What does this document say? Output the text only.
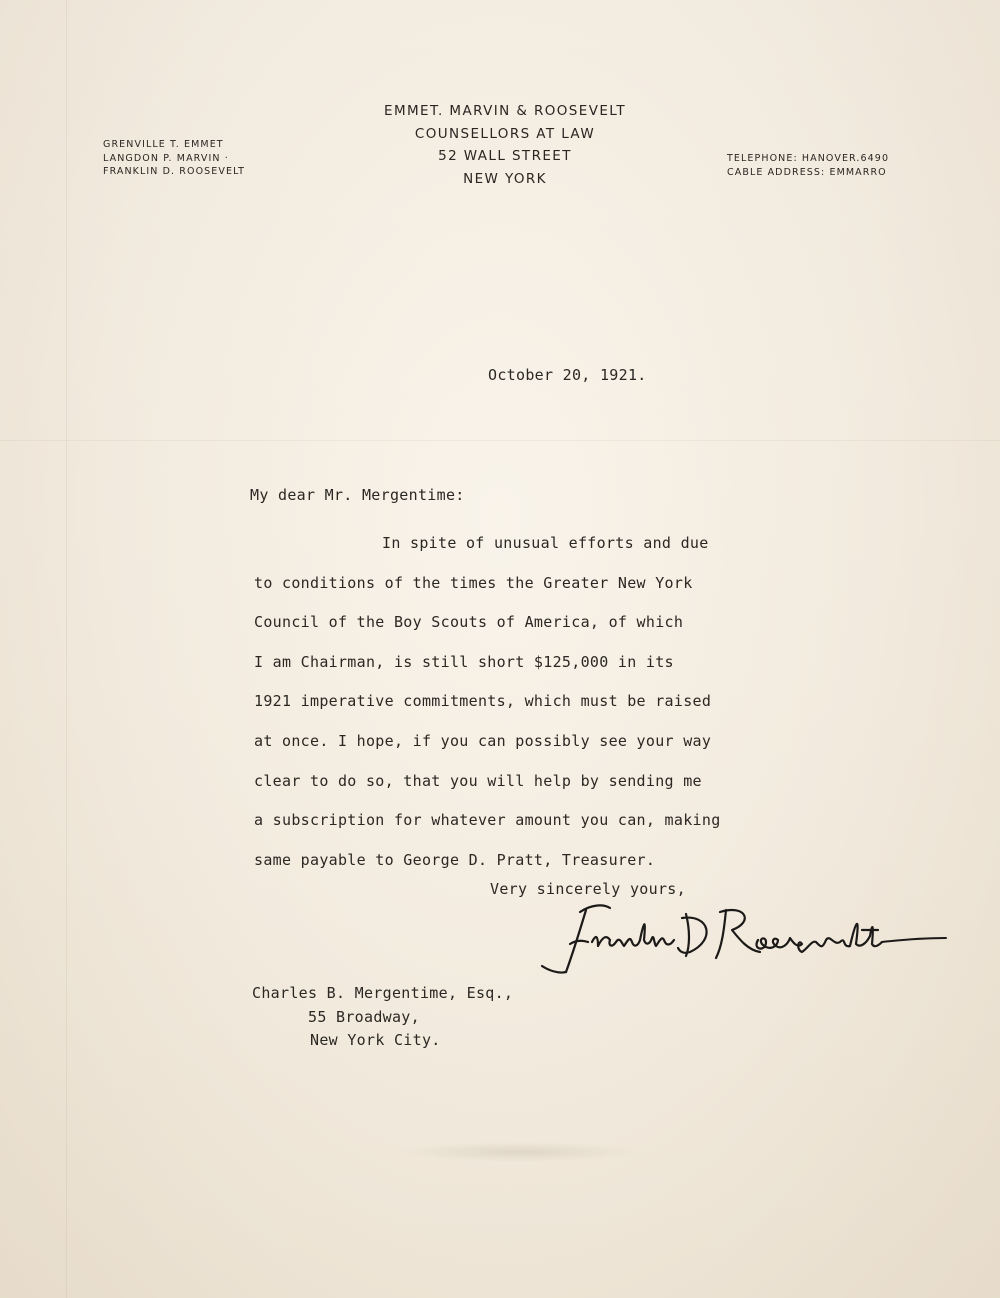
EMMET. MARVIN & ROOSEVELT
COUNSELLORS AT LAW
52 WALL STREET
NEW YORK
GRENVILLE T. EMMET
LANGDON P. MARVIN ·
FRANKLIN D. ROOSEVELT
TELEPHONE: HANOVER.6490
CABLE ADDRESS: EMMARRO
October 20, 1921.
My dear Mr. Mergentime:
In spite of unusual efforts and due
to conditions of the times the Greater New York
Council of the Boy Scouts of America, of which
I am Chairman, is still short $125,000 in its
1921 imperative commitments, which must be raised
at once. I hope, if you can possibly see your way
clear to do so, that you will help by sending me
a subscription for whatever amount you can, making
same payable to George D. Pratt, Treasurer.
Very sincerely yours,
Charles B. Mergentime, Esq.,
55 Broadway,
New York City.
